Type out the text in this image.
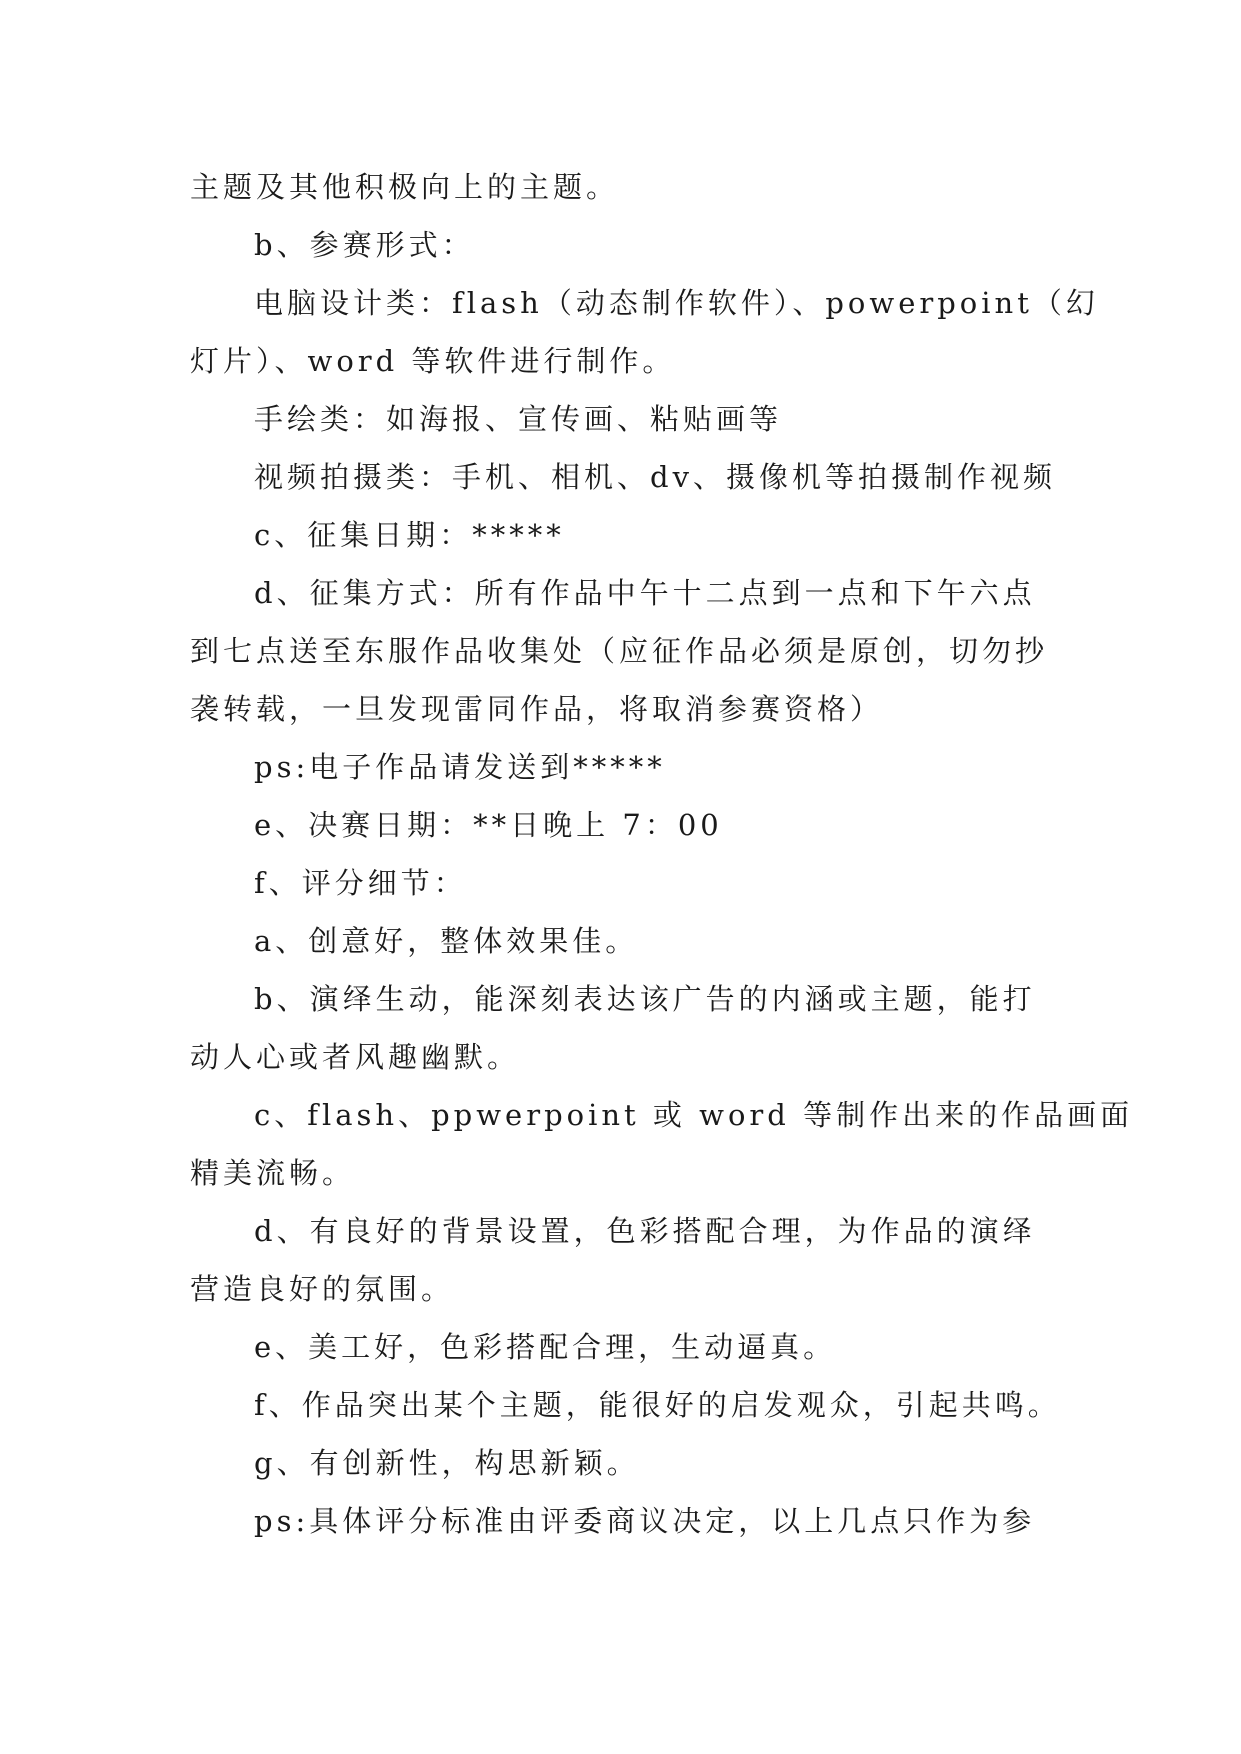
主题及其他积极向上的主题。
b、参赛形式：
电脑设计类：flash（动态制作软件）、powerpoint（幻
灯片）、word 等软件进行制作。
手绘类：如海报、宣传画、粘贴画等
视频拍摄类：手机、相机、dv、摄像机等拍摄制作视频
c、征集日期：*****
d、征集方式：所有作品中午十二点到一点和下午六点
到七点送至东服作品收集处（应征作品必须是原创，切勿抄
袭转载，一旦发现雷同作品，将取消参赛资格）
ps:电子作品请发送到*****
e、决赛日期：**日晚上 7：00
f、评分细节：
a、创意好，整体效果佳。
b、演绎生动，能深刻表达该广告的内涵或主题，能打
动人心或者风趣幽默。
c、flash、ppwerpoint 或 word 等制作出来的作品画面
精美流畅。
d、有良好的背景设置，色彩搭配合理，为作品的演绎
营造良好的氛围。
e、美工好，色彩搭配合理，生动逼真。
f、作品突出某个主题，能很好的启发观众，引起共鸣。
g、有创新性，构思新颖。
ps:具体评分标准由评委商议决定，以上几点只作为参
